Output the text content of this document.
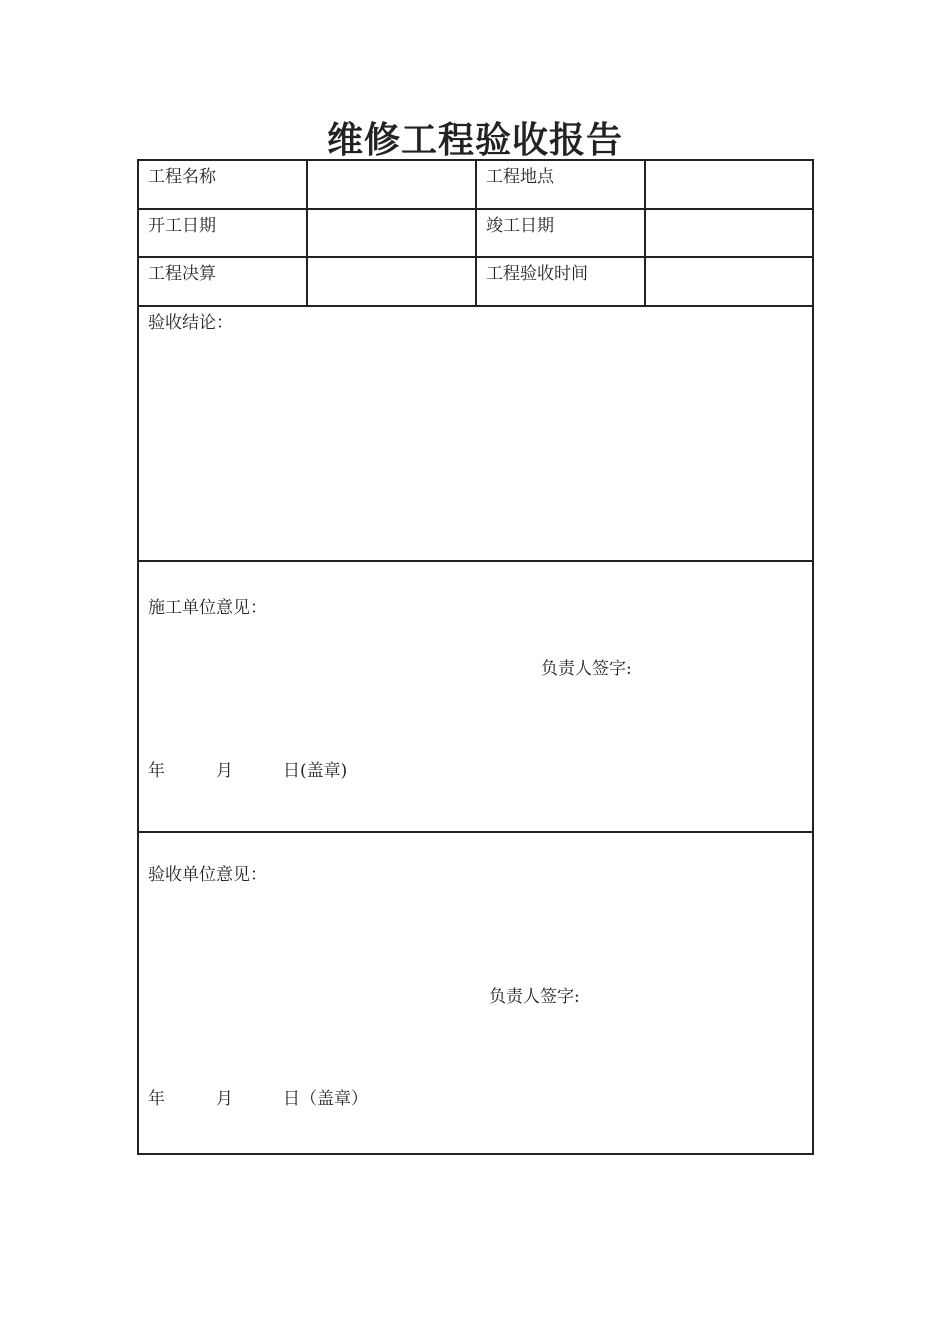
维修工程验收报告
工程名称	工程地点
开工日期	竣工日期
工程决算	工程验收时间
验收结论：
施工单位意见：
负责人签字:
年	月	日(盖章)
验收单位意见：
负责人签字:
年	月	日（盖章）
